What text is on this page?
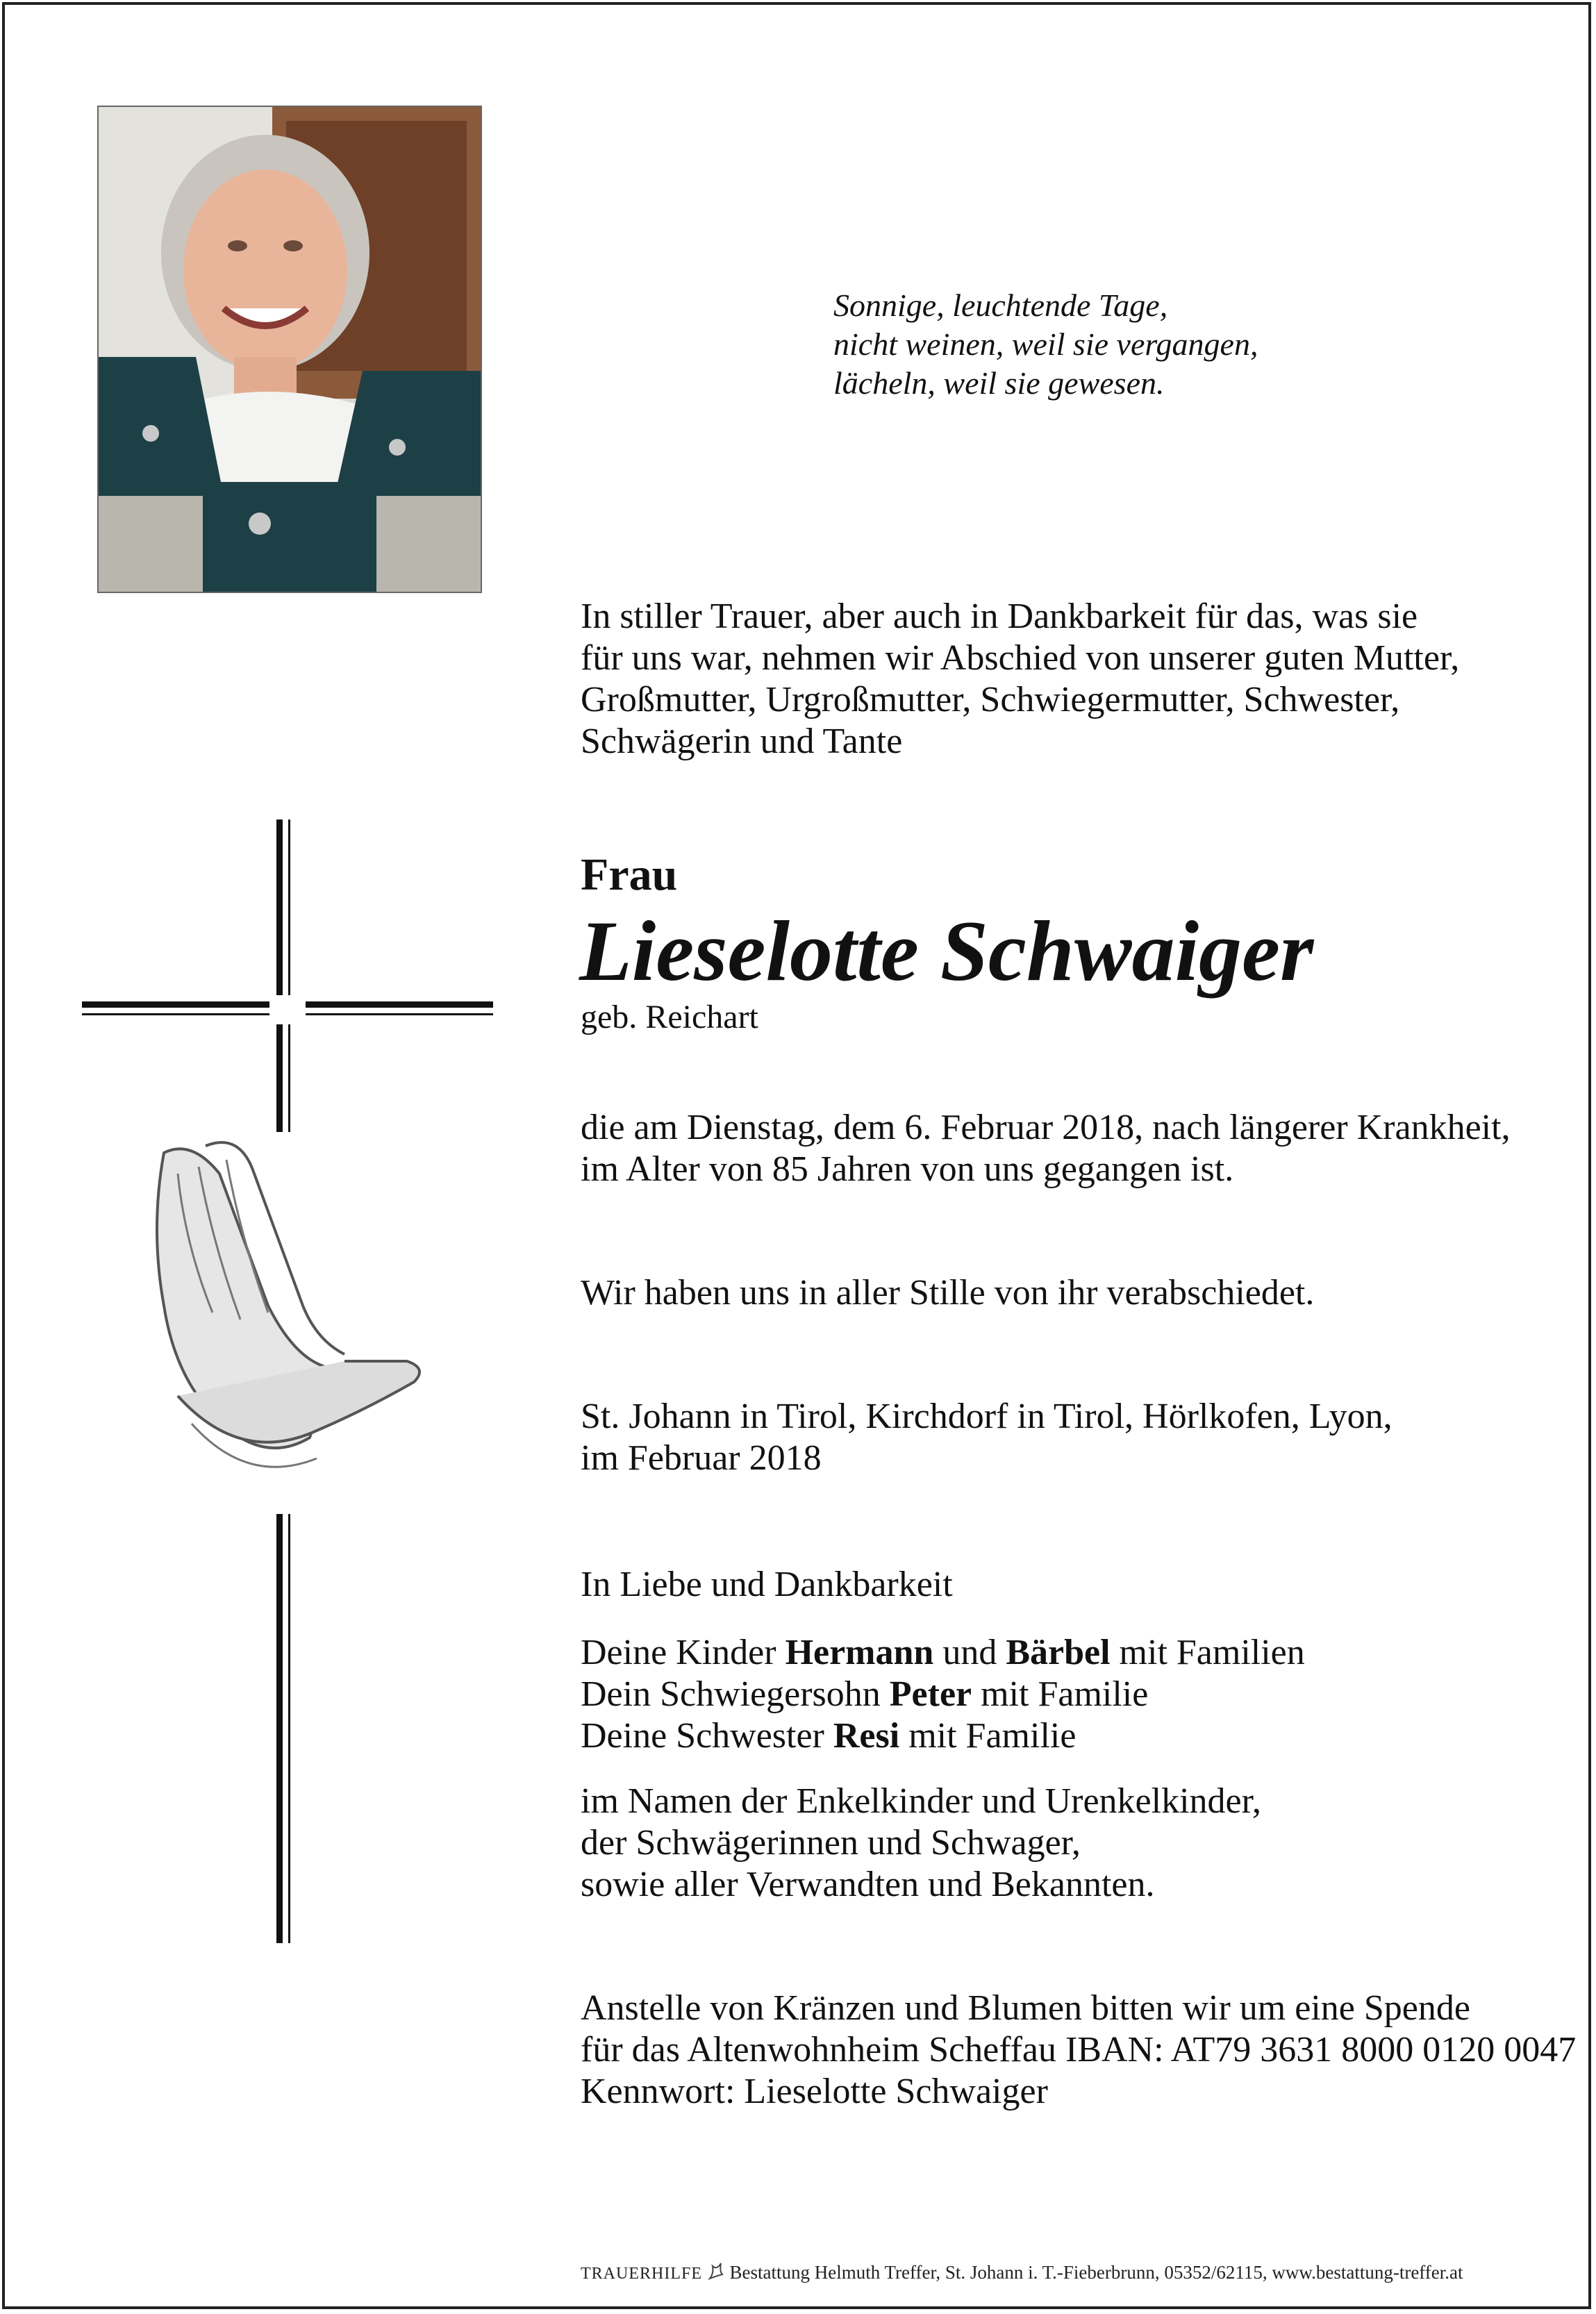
Sonnige, leuchtende Tage,
nicht weinen, weil sie vergangen,
lächeln, weil sie gewesen.
In stiller Trauer, aber auch in Dankbarkeit für das, was sie
für uns war, nehmen wir Abschied von unserer guten Mutter,
Großmutter, Urgroßmutter, Schwiegermutter, Schwester,
Schwägerin und Tante
Frau
Lieselotte Schwaiger
geb. Reichart
die am Dienstag, dem 6. Februar 2018, nach längerer Krankheit,
im Alter von 85 Jahren von uns gegangen ist.
Wir haben uns in aller Stille von ihr verabschiedet.
St. Johann in Tirol, Kirchdorf in Tirol, Hörlkofen, Lyon,
im Februar 2018
In Liebe und Dankbarkeit
Deine Kinder Hermann und Bärbel mit Familien
Dein Schwiegersohn Peter mit Familie
Deine Schwester Resi mit Familie
im Namen der Enkelkinder und Urenkelkinder,
der Schwägerinnen und Schwager,
sowie aller Verwandten und Bekannten.
Anstelle von Kränzen und Blumen bitten wir um eine Spende
für das Altenwohnheim Scheffau IBAN: AT79 3631 8000 0120 0047
Kennwort: Lieselotte Schwaiger
TRAUERHILFE Bestattung Helmuth Treffer, St. Johann i. T.-Fieberbrunn, 05352/62115, www.bestattung-treffer.at
